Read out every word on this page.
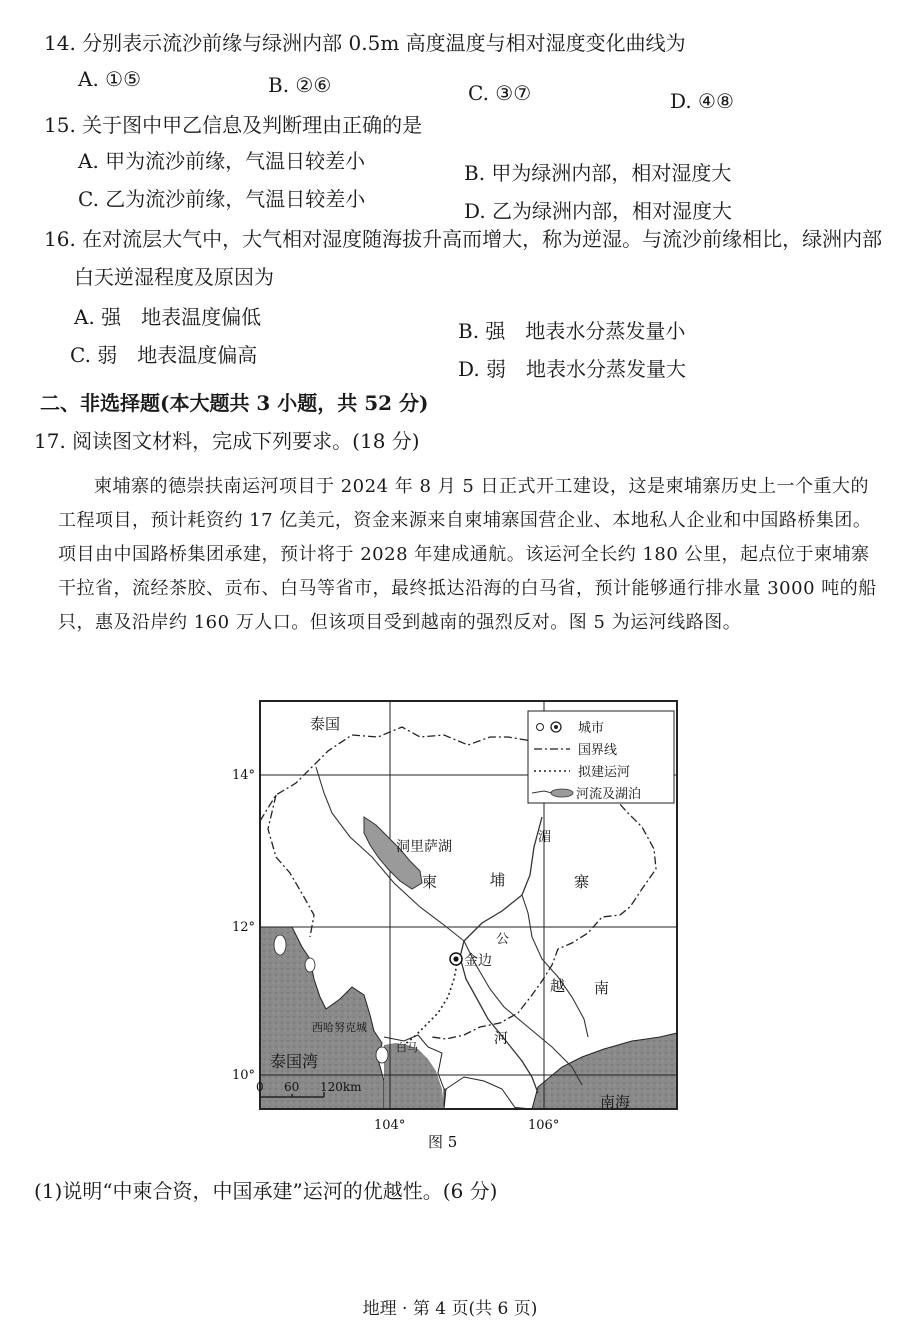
14. 分别表示流沙前缘与绿洲内部 0.5m 高度温度与相对湿度变化曲线为
A. ①⑤	B. ②⑥	C. ③⑦	D. ④⑧
15. 关于图中甲乙信息及判断理由正确的是
A. 甲为流沙前缘，气温日较差小	B. 甲为绿洲内部，相对湿度大
C. 乙为流沙前缘，气温日较差小	D. 乙为绿洲内部，相对湿度大
16. 在对流层大气中，大气相对湿度随海拔升高而增大，称为逆湿。与流沙前缘相比，绿洲内部
白天逆湿程度及原因为
A. 强　地表温度偏低
B. 强　地表水分蒸发量小
C. 弱　地表温度偏高
D. 弱　地表水分蒸发量大
二、非选择题(本大题共 3 小题，共 52 分)
17. 阅读图文材料，完成下列要求。(18 分)
柬埔寨的德崇扶南运河项目于 2024 年 8 月 5 日正式开工建设，这是柬埔寨历史上一个重大的工程项目，预计耗资约 17 亿美元，资金来源来自柬埔寨国营企业、本地私人企业和中国路桥集团。项目由中国路桥集团承建，预计将于 2028 年建成通航。该运河全长约 180 公里，起点位于柬埔寨干拉省，流经茶胶、贡布、白马等省市，最终抵达沿海的白马省，预计能够通行排水量 3000 吨的船只，惠及沿岸约 160 万人口。但该项目受到越南的强烈反对。图 5 为运河线路图。
泰国
柬	埔	寨
越 南
洞里萨湖
金边
湄
公
河
泰国湾
南海
西哈努克城
白马
城市
国界线
拟建运河
河流及湖泊
14°
12°
10°
104°	106°
0 60 120km
图 5
(1)说明“中柬合资，中国承建”运河的优越性。(6 分)
地理 · 第 4 页(共 6 页)
